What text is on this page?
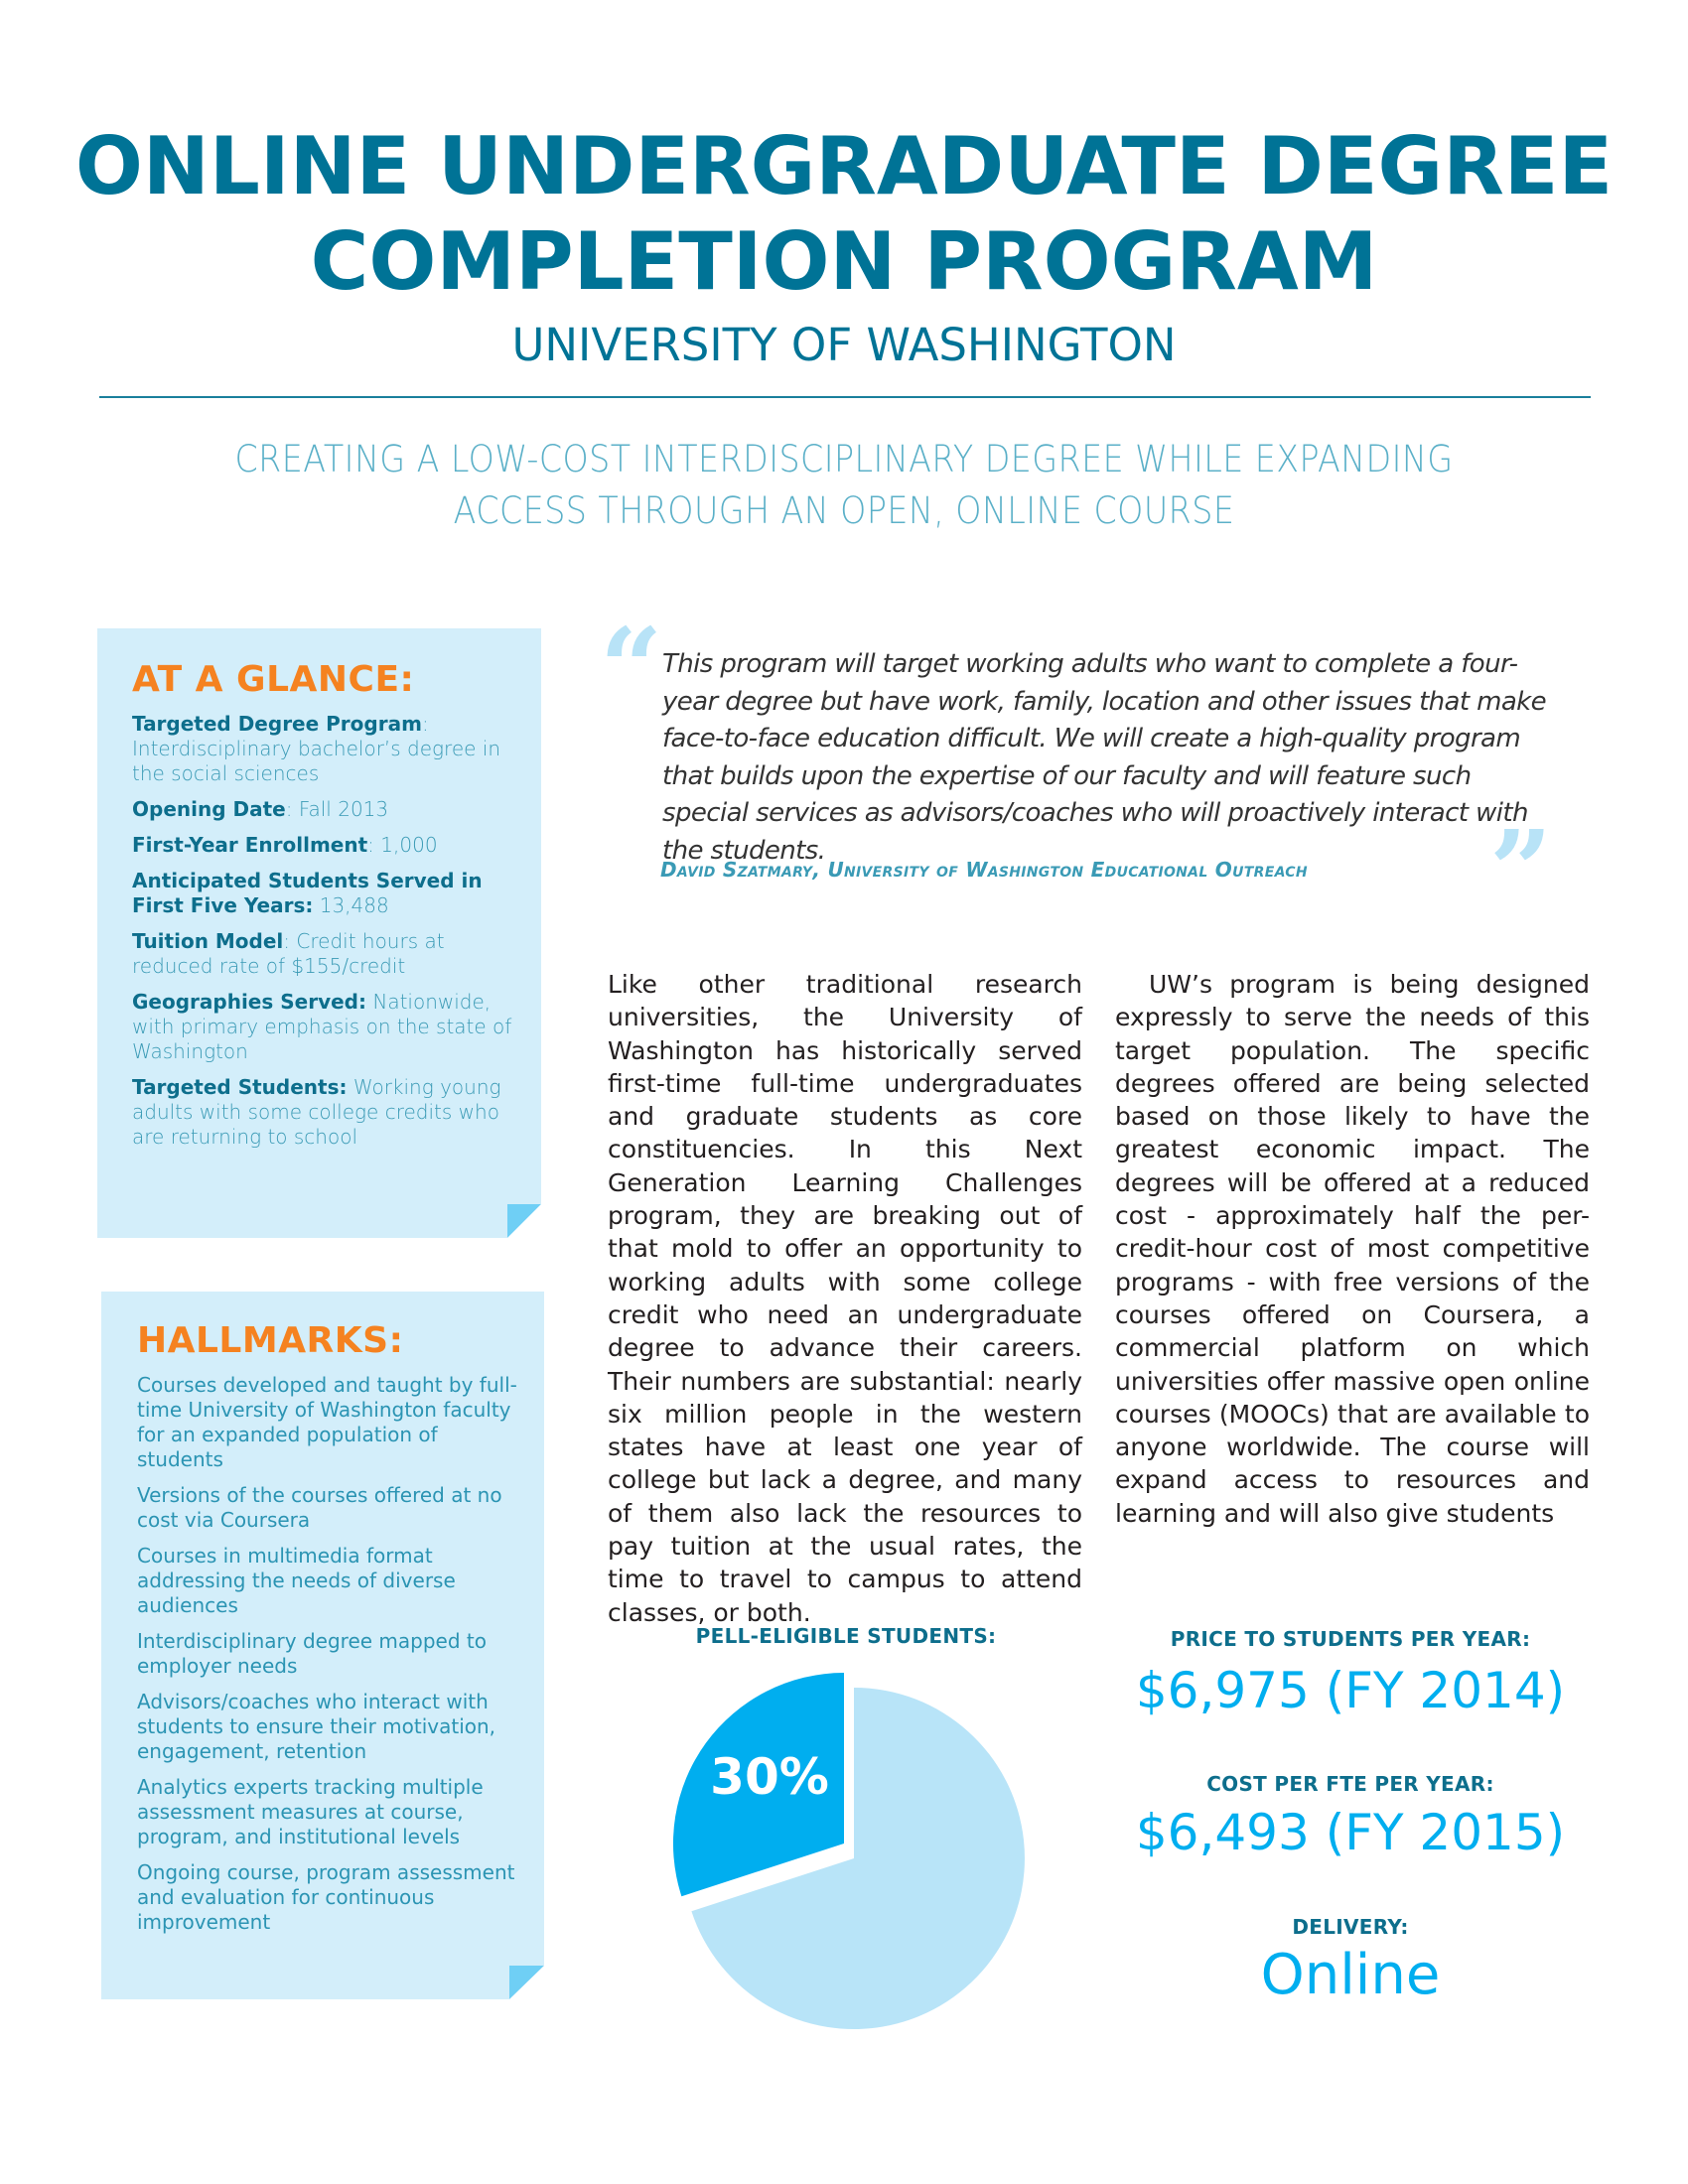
ONLINE UNDERGRADUATE DEGREE
COMPLETION PROGRAM
UNIVERSITY OF WASHINGTON
CREATING A LOW-COST INTERDISCIPLINARY DEGREE WHILE EXPANDING
ACCESS THROUGH AN OPEN, ONLINE COURSE
AT A GLANCE:
Targeted Degree Program: Interdisciplinary bachelor’s degree in the social sciences
Opening Date: Fall 2013
First-Year Enrollment: 1,000
Anticipated Students Served in First Five Years: 13,488
Tuition Model: Credit hours at reduced rate of $155/credit
Geographies Served: Nationwide, with primary emphasis on the state of Washington
Targeted Students: Working young adults with some college credits who are returning to school
HALLMARKS:
Courses developed and taught by full-time University of Washington faculty for an expanded population of students
Versions of the courses offered at no cost via Coursera
Courses in multimedia format addressing the needs of diverse audiences
Interdisciplinary degree mapped to employer needs
Advisors/coaches who interact with students to ensure their motivation, engagement, retention
Analytics experts tracking multiple assessment measures at course, program, and institutional levels
Ongoing course, program assessment and evaluation for continuous improvement
“ This program will target working adults who want to complete a four-year degree but have work, family, location and other issues that make face-to-face education difficult. We will create a high-quality program that builds upon the expertise of our faculty and will feature such special services as advisors/coaches who will proactively interact with the students.
David Szatmary, University of Washington Educational Outreach ”

Like other traditional research universities, the University of Washington has historically served first-time full-time undergraduates and graduate students as core constituencies. In this Next Generation Learning Challenges program, they are breaking out of that mold to offer an opportunity to working adults with some college credit who need an undergraduate degree to advance their careers. Their numbers are substantial: nearly six million people in the western states have at least one year of college but lack a degree, and many of them also lack the resources to pay tuition at the usual rates, the time to travel to campus to attend classes, or both.

UW’s program is being designed expressly to serve the needs of this target population. The specific degrees offered are being selected based on those likely to have the greatest economic impact. The degrees will be offered at a reduced cost - approximately half the per-credit-hour cost of most competitive programs - with free versions of the courses offered on Coursera, a commercial platform on which universities offer massive open online courses (MOOCs) that are available to anyone worldwide. The course will expand access to resources and learning and will also give students

PELL-ELIGIBLE STUDENTS:
30%
PRICE TO STUDENTS PER YEAR:
$6,975 (FY 2014)
COST PER FTE PER YEAR:
$6,493 (FY 2015)
DELIVERY:
Online
